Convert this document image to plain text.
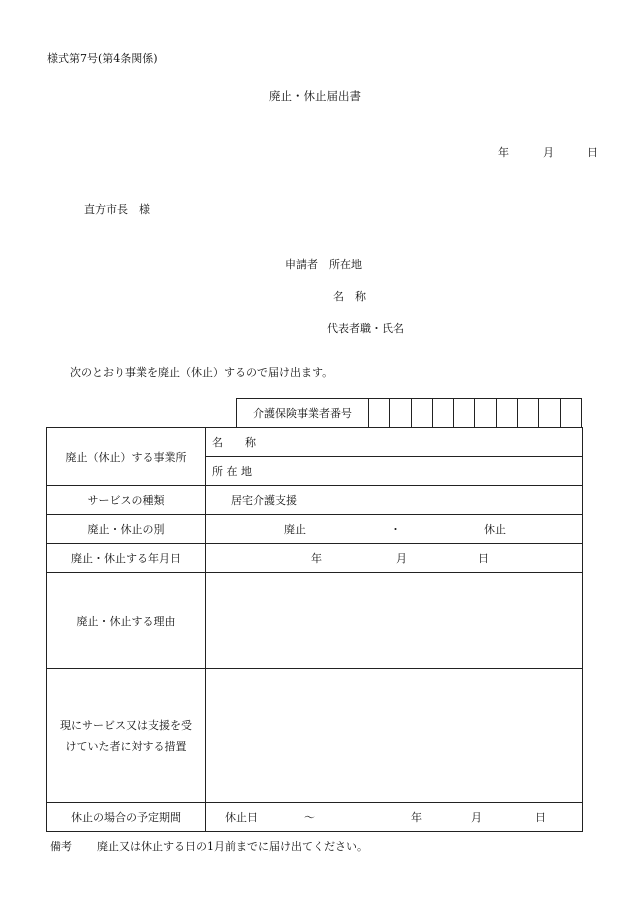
様式第7号(第4条関係)
廃止・休止届出書
年	月	日
直方市長　様
申請者　所在地
名　称
代表者職・氏名
次のとおり事業を廃止（休止）するので届け出ます。
介護保険事業者番号
廃止（休止）する事業所	名　　称
	所 在 地
サービスの種類	居宅介護支援
廃止・休止の別	廃止 ・ 休止

廃止・休止する年月日	年 月 日

廃止・休止する理由	
現にサービス又は支援を受けていた者に対する措置	
休止の場合の予定期間	休止日 ～ 年 月 日
備考 廃止又は休止する日の1月前までに届け出てください。
